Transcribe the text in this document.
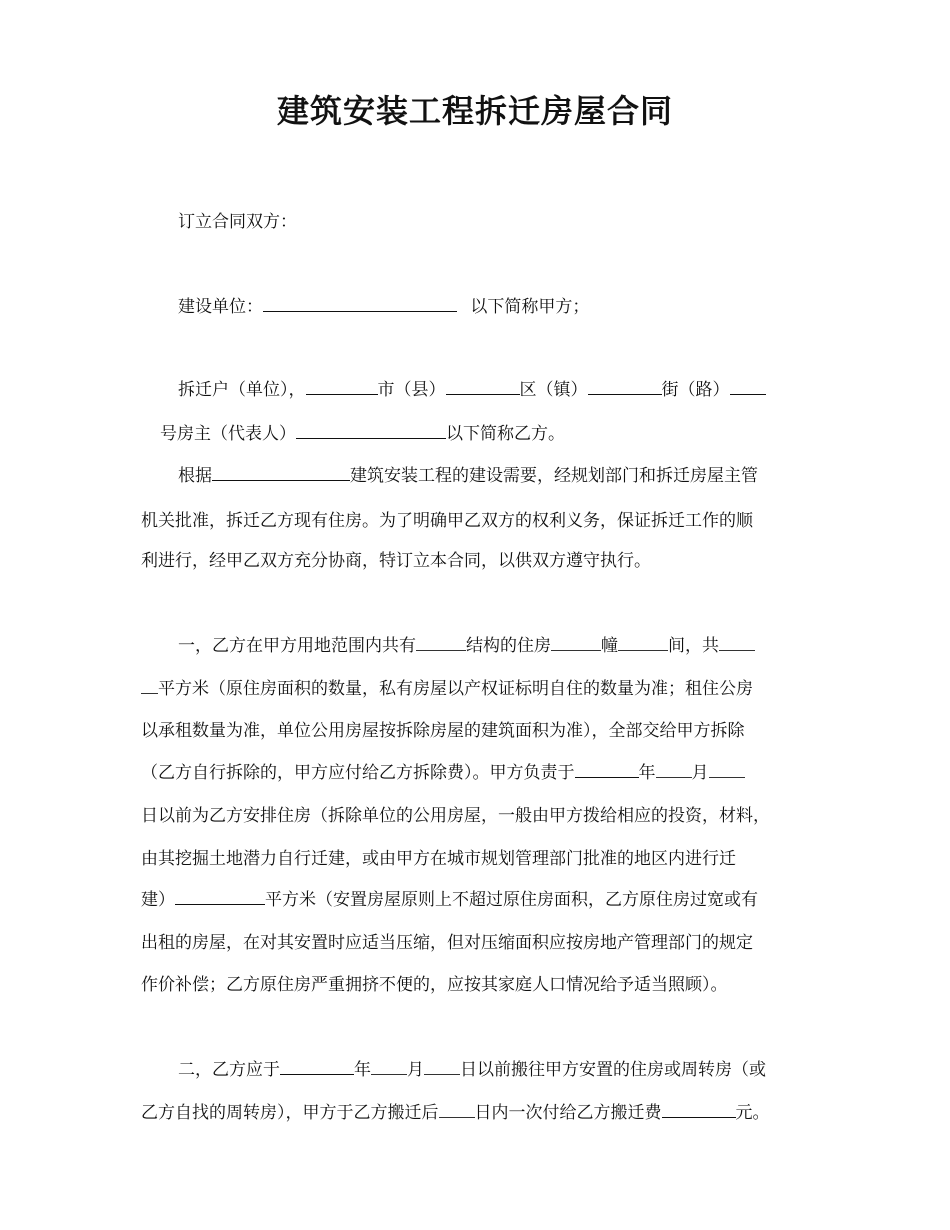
建筑安装工程拆迁房屋合同
订立合同双方：
建设单位：	以下简称甲方；
拆迁户（单位），	市（县）	区（镇）	街（路）
号房主（代表人）	以下简称乙方。
根据	建筑安装工程的建设需要，经规划部门和拆迁房屋主管
机关批准，拆迁乙方现有住房。为了明确甲乙双方的权利义务，保证拆迁工作的顺
利进行，经甲乙双方充分协商，特订立本合同，以供双方遵守执行。
一，乙方在甲方用地范围内共有	结构的住房	幢	间，共
平方米（原住房面积的数量，私有房屋以产权证标明自住的数量为准；租住公房
以承租数量为准，单位公用房屋按拆除房屋的建筑面积为准），全部交给甲方拆除
（乙方自行拆除的，甲方应付给乙方拆除费）。甲方负责于	年 月
日以前为乙方安排住房（拆除单位的公用房屋，一般由甲方拨给相应的投资，材料，
由其挖掘土地潜力自行迁建，或由甲方在城市规划管理部门批准的地区内进行迁
建）	平方米（安置房屋原则上不超过原住房面积，乙方原住房过宽或有
出租的房屋，在对其安置时应适当压缩，但对压缩面积应按房地产管理部门的规定
作价补偿；乙方原住房严重拥挤不便的，应按其家庭人口情况给予适当照顾）。
二，乙方应于	年 月 日以前搬往甲方安置的住房或周转房（或
乙方自找的周转房），甲方于乙方搬迁后 日内一次付给乙方搬迁费	元。
